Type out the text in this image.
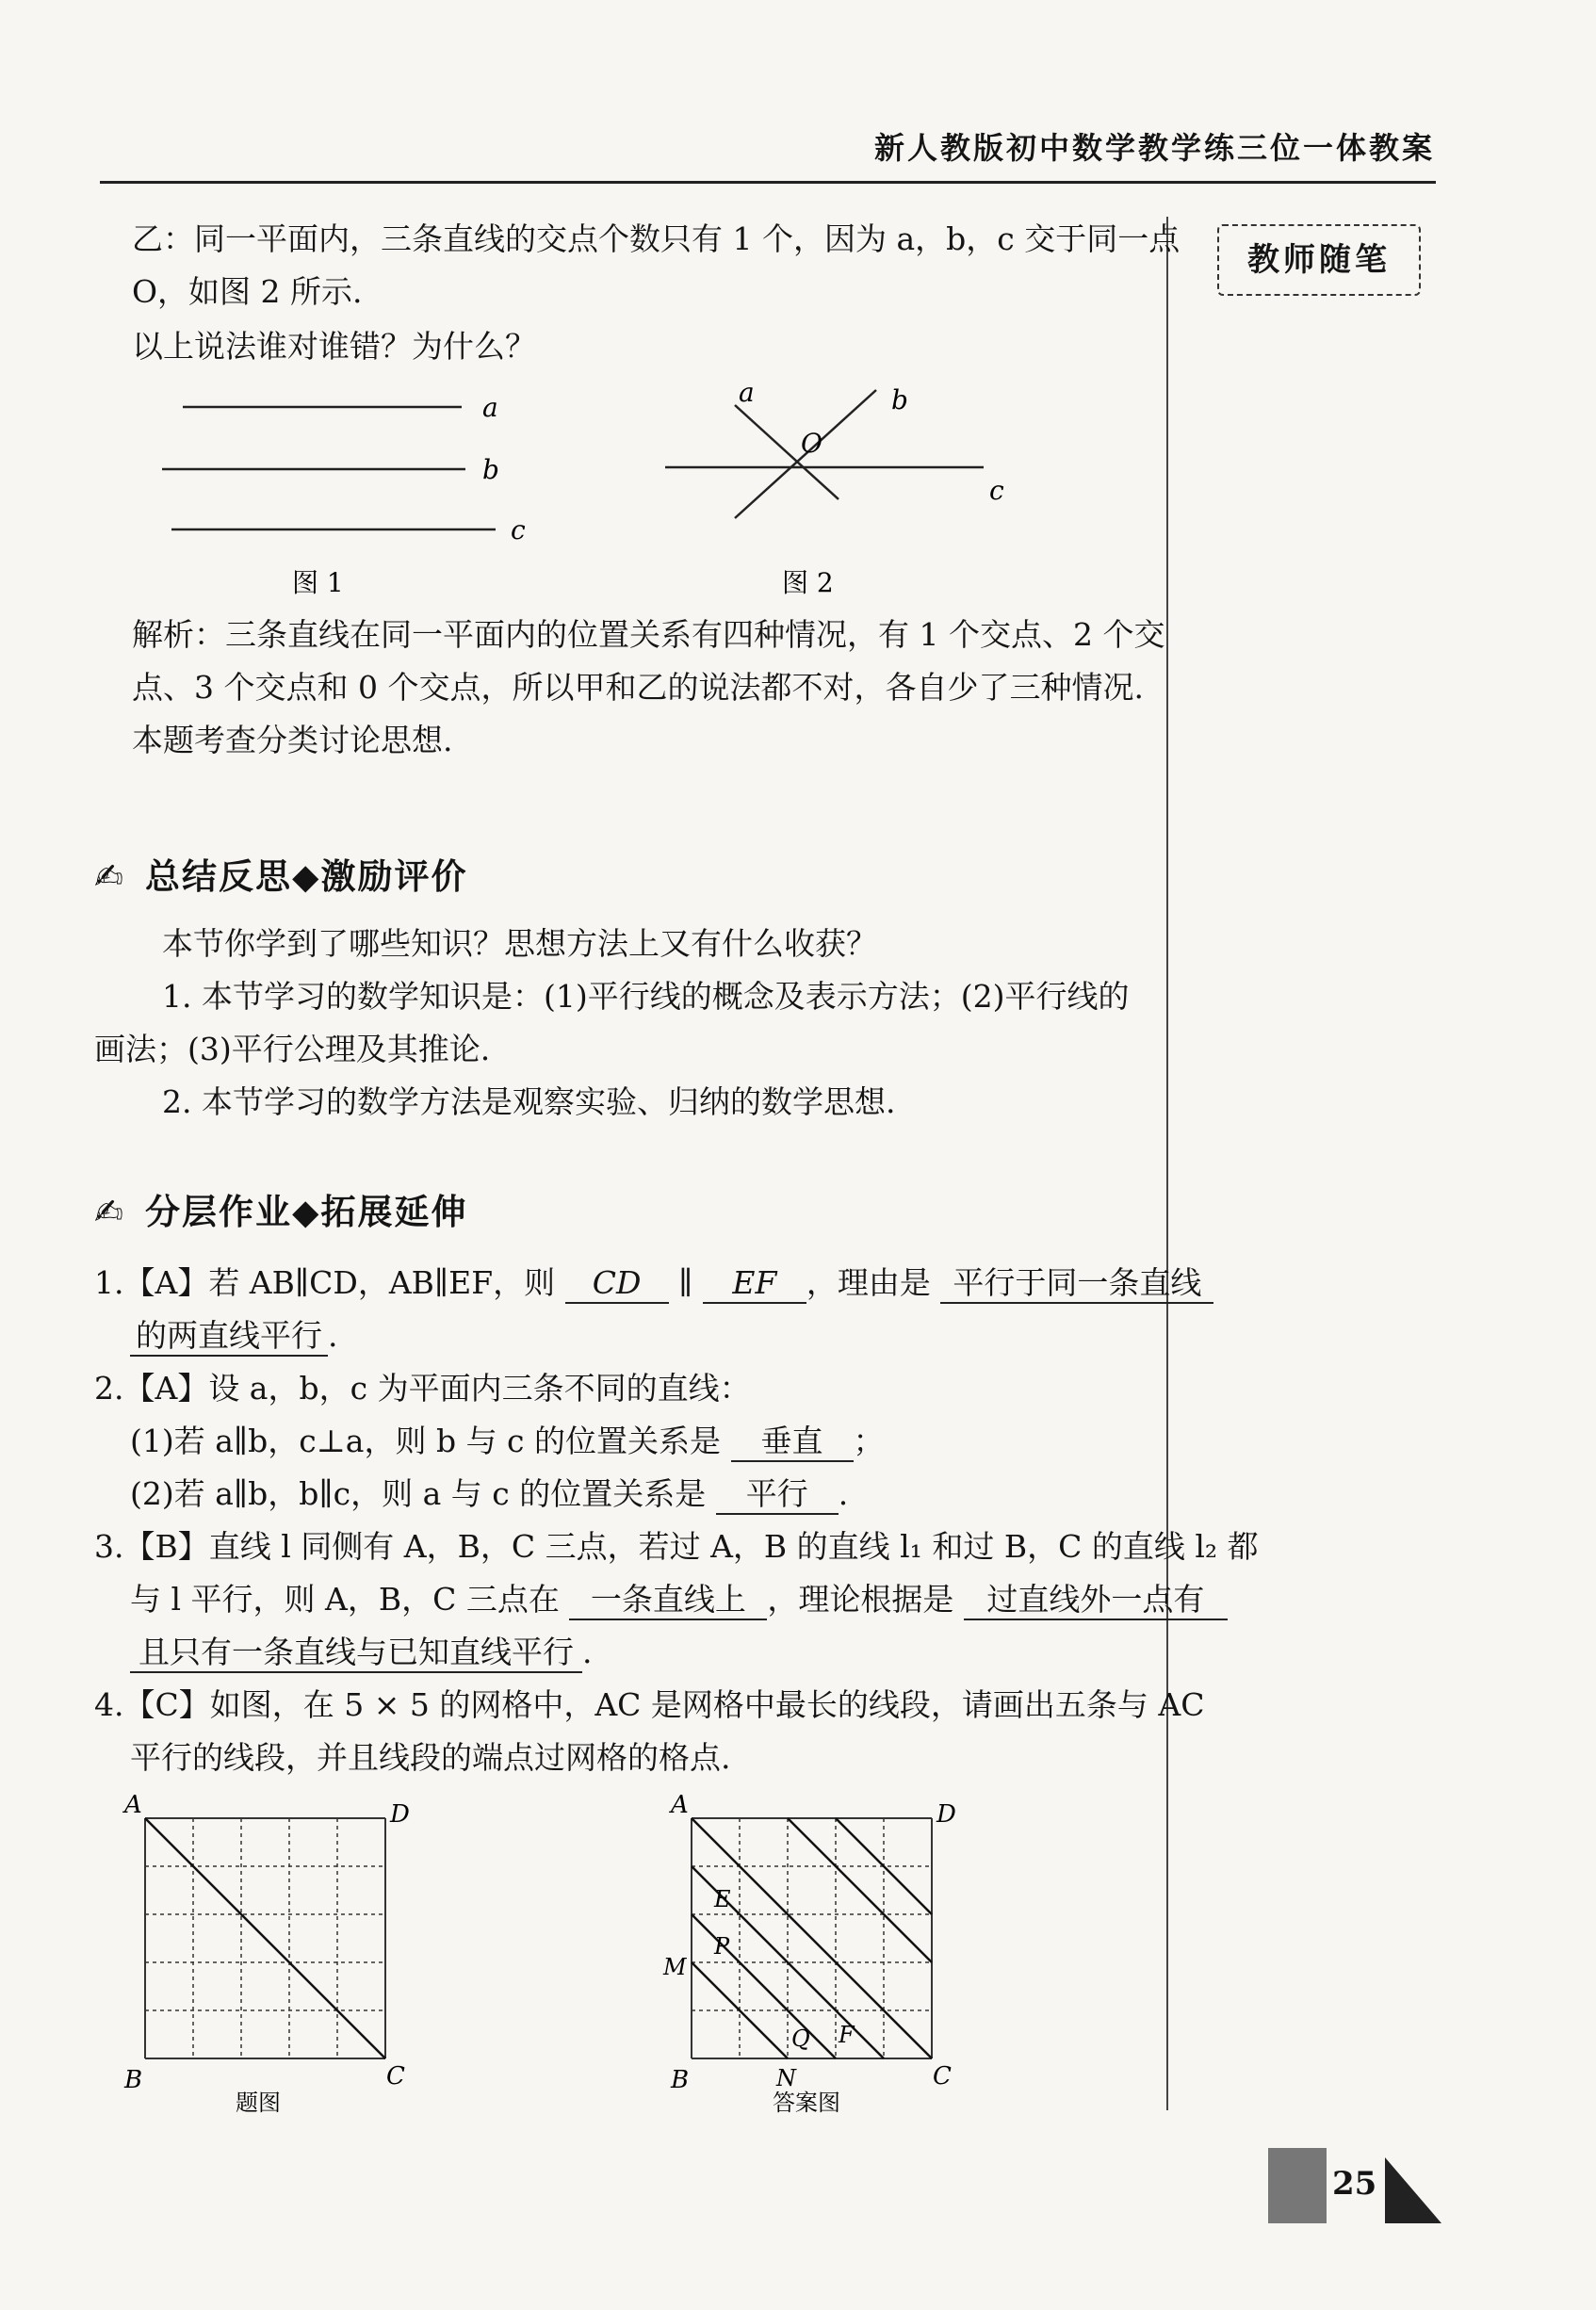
新人教版初中数学教学练三位一体教案
教师随笔
乙：同一平面内，三条直线的交点个数只有 1 个，因为 a，b，c 交于同一点
O，如图 2 所示.
以上说法谁对谁错？为什么？
a
b
c
图 1
a	b
c
O
图 2
解析：三条直线在同一平面内的位置关系有四种情况，有 1 个交点、2 个交
点、3 个交点和 0 个交点，所以甲和乙的说法都不对，各自少了三种情况.
本题考查分类讨论思想.
✍ 总结反思◆激励评价
本节你学到了哪些知识？思想方法上又有什么收获？
1. 本节学习的数学知识是：(1)平行线的概念及表示方法；(2)平行线的
画法；(3)平行公理及其推论.
2. 本节学习的数学方法是观察实验、归纳的数学思想.
✍ 分层作业◆拓展延伸
1.【A】若 AB∥CD，AB∥EF，则 CD ∥ EF ，理由是 平行于同一条直线
的两直线平行 .
2.【A】设 a，b，c 为平面内三条不同的直线：
(1)若 a∥b，c⊥a，则 b 与 c 的位置关系是 垂直 ；
(2)若 a∥b，b∥c，则 a 与 c 的位置关系是 平行 .
3.【B】直线 l 同侧有 A，B，C 三点，若过 A，B 的直线 l₁ 和过 B，C 的直线 l₂ 都
与 l 平行，则 A，B，C 三点在 一条直线上 ，理论根据是 过直线外一点有
且只有一条直线与已知直线平行 .
4.【C】如图，在 5 × 5 的网格中，AC 是网格中最长的线段，请画出五条与 AC
平行的线段，并且线段的端点过网格的格点.
A	D
B	C
题图
A	D
B	C
E
P
M
Q F
N
答案图
25
